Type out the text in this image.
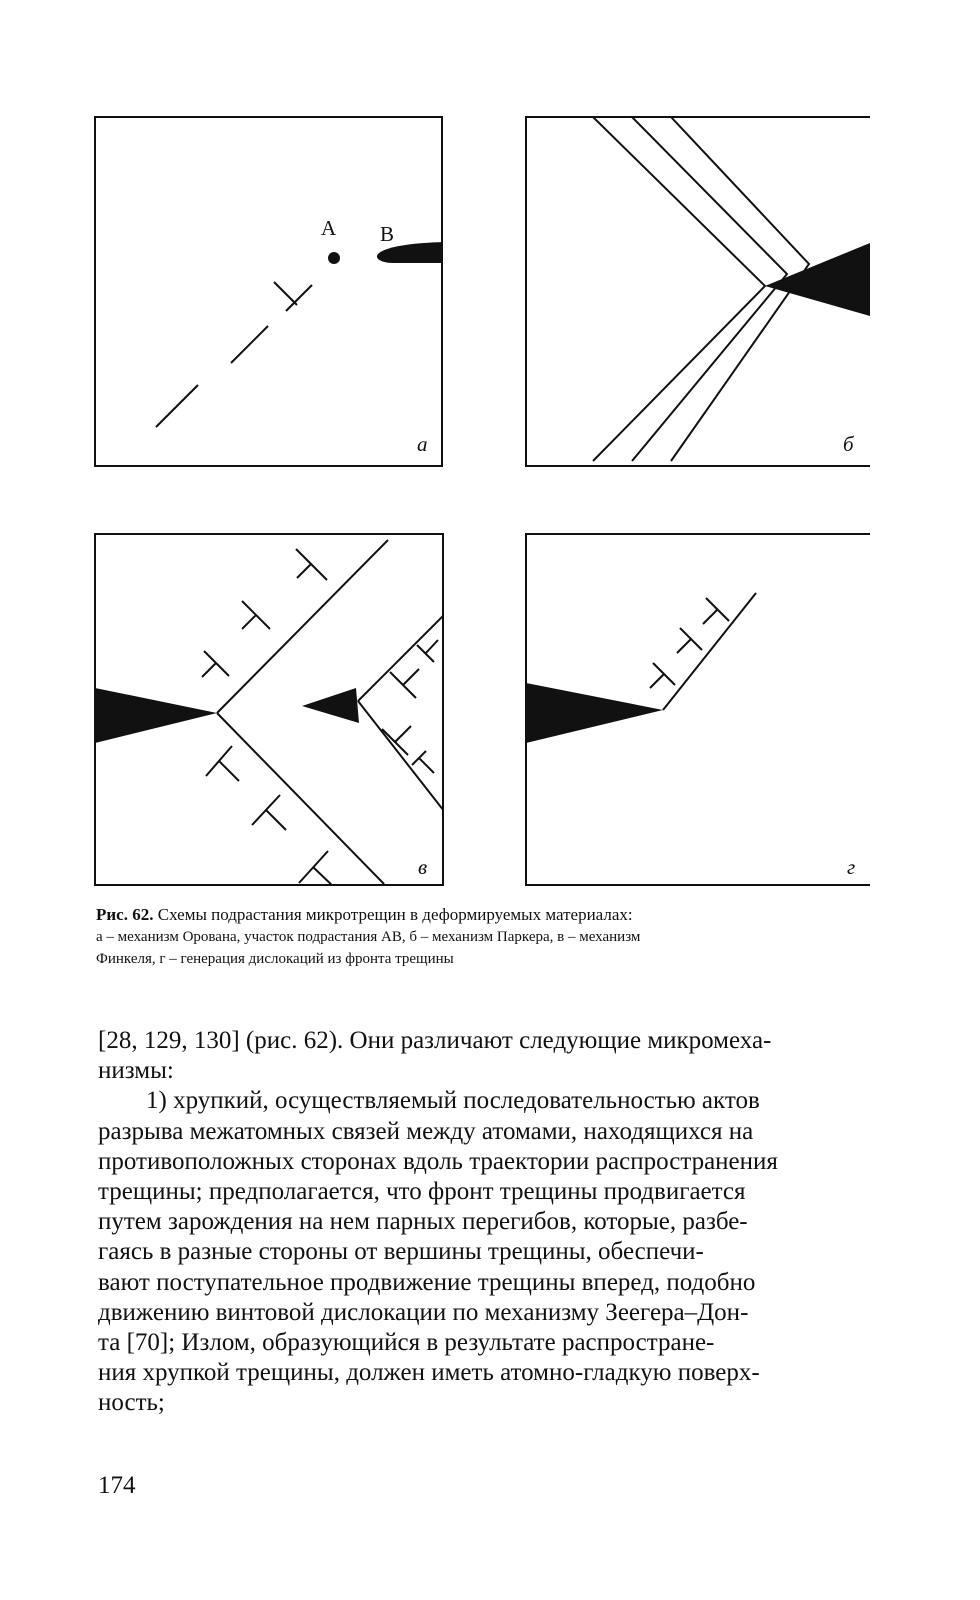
A B
а	б
в	г
Рис. 62. Схемы подрастания микротрещин в деформируемых материалах:
а – механизм Орована, участок подрастания AB, б – механизм Паркера, в – механизм
Финкеля, г – генерация дислокаций из фронта трещины
[28, 129, 130] (рис. 62). Они различают следующие микромеха-
низмы:
1) хрупкий, осуществляемый последовательностью актов
разрыва межатомных связей между атомами, находящихся на
противоположных сторонах вдоль траектории распространения
трещины; предполагается, что фронт трещины продвигается
путем зарождения на нем парных перегибов, которые, разбе-
гаясь в разные стороны от вершины трещины, обеспечи-
вают поступательное продвижение трещины вперед, подобно
движению винтовой дислокации по механизму Зеегера–Дон-
та [70]; Излом, образующийся в результате распростране-
ния хрупкой трещины, должен иметь атомно-гладкую поверх-
ность;
174
